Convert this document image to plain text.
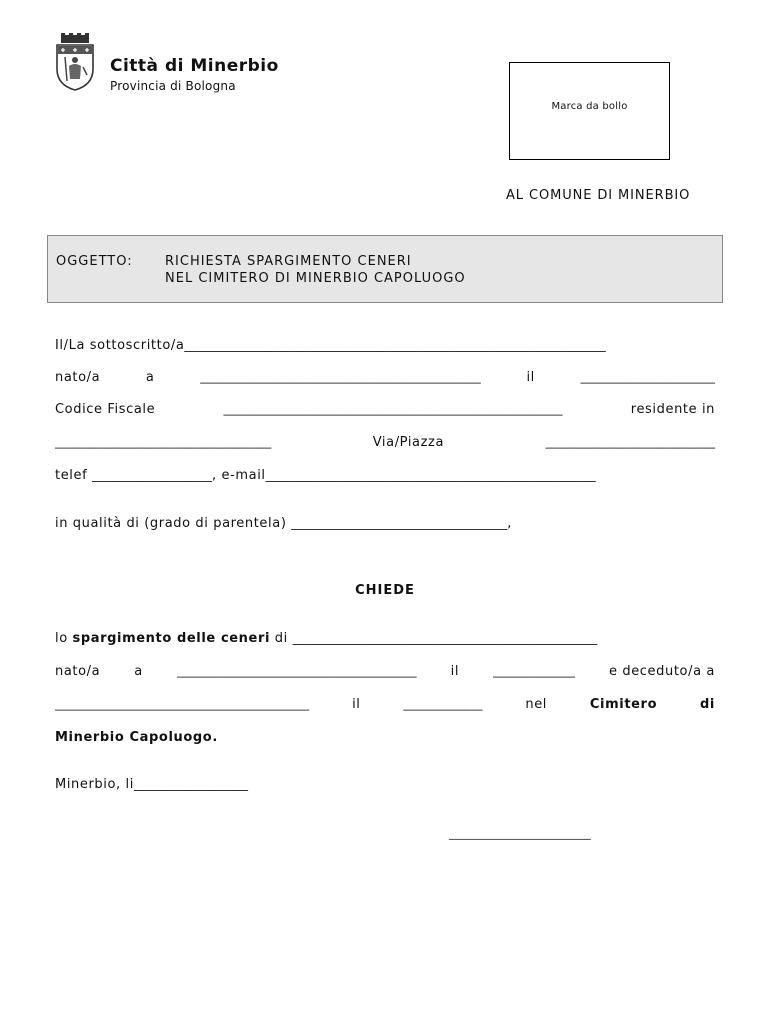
Città di Minerbio
Provincia di Bologna
Marca da bollo
AL COMUNE DI MINERBIO
OGGETTO: RICHIESTA SPARGIMENTO CENERI
NEL CIMITERO DI MINERBIO CAPOLUOGO
Il/La sottoscritto/a____________________________________________________________________
nato/a	a	________________________________________________	il	_______________________
Codice Fiscale	__________________________________________________________	residente in
_____________________________________	Via/Piazza	_____________________________
telef ____________________, e-mail_______________________________________________________
in qualità di (grado di parentela) ____________________________________,
CHIEDE
lo spargimento delle ceneri di __________________________________________________
nato/a	a	_________________________________________	il	______________	e deceduto/a a
_____________________________________________	il	______________	nel	Cimitero	di
Minerbio Capoluogo.
Minerbio, li___________________
___________________________
